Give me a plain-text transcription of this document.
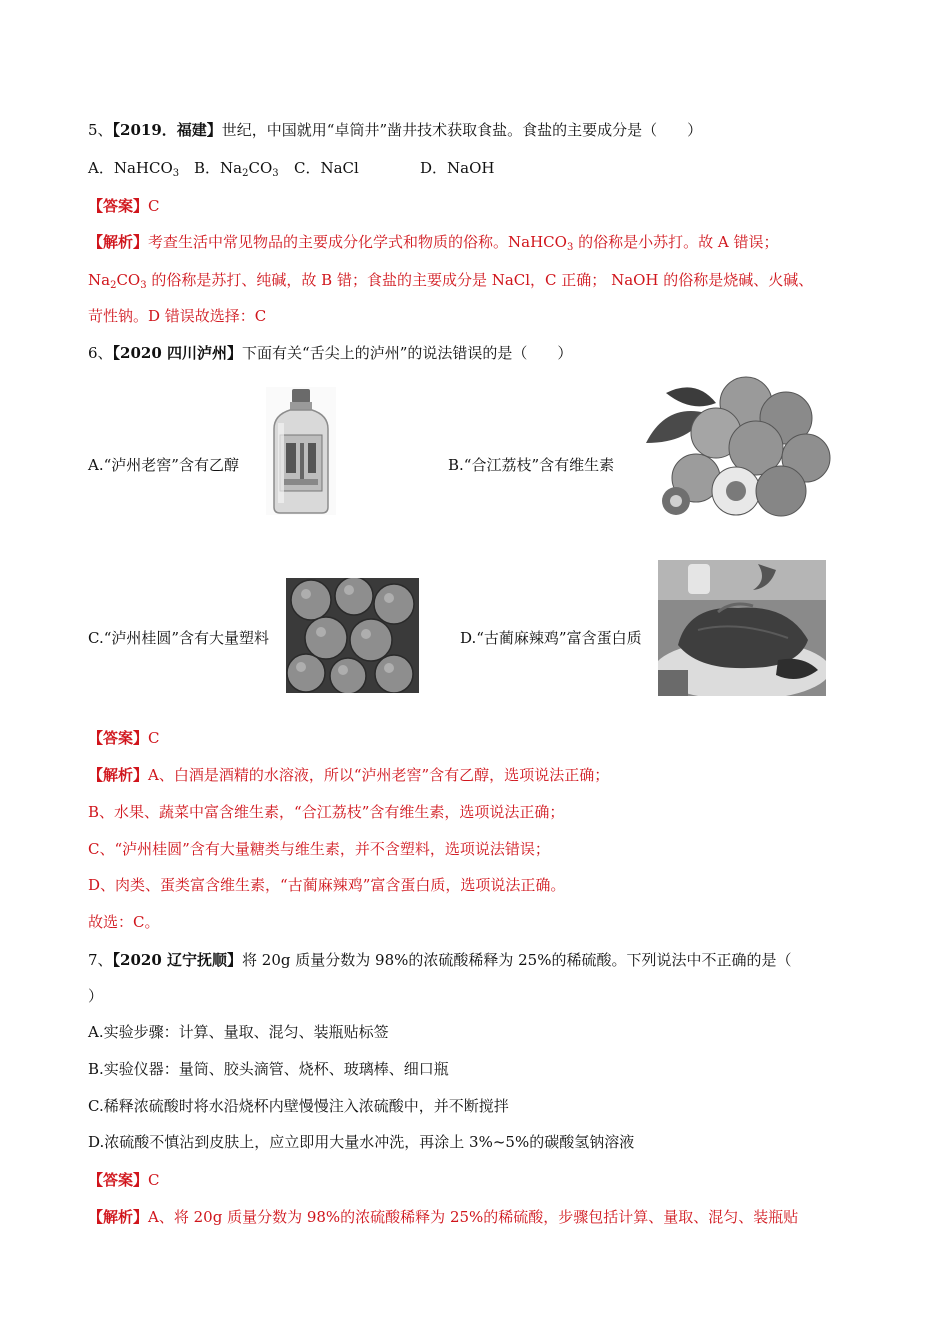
5、【2019．福建】世纪，中国就用“卓筒井”凿井技术获取食盐。食盐的主要成分是（　　）
A．NaHCO$_3$ B．$Na_2CO_3$ C．NaCl	D．NaOH
【答案】C
【解析】考查生活中常见物品的主要成分化学式和物质的俗称。NaHCO$_3$ 的俗称是小苏打。故 A 错误；
$Na_2CO_3$ 的俗称是苏打、纯碱，故 B 错；食盐的主要成分是 NaCl，C 正确； NaOH 的俗称是烧碱、火碱、
苛性钠。D 错误故选择：C
6、【2020 四川泸州】下面有关“舌尖上的泸州”的说法错误的是（　　）
A.“泸州老窖”含有乙醇	B.“合江荔枝”含有维生素
C.“泸州桂圆”含有大量塑料	D.“古蔺麻辣鸡”富含蛋白质
【答案】C
【解析】A、白酒是酒精的水溶液，所以“泸州老窖”含有乙醇，选项说法正确；
B、水果、蔬菜中富含维生素，“合江荔枝”含有维生素，选项说法正确；
C、“泸州桂圆”含有大量糖类与维生素，并不含塑料，选项说法错误；
D、肉类、蛋类富含维生素，“古蔺麻辣鸡”富含蛋白质，选项说法正确。
故选：C。
7、【2020 辽宁抚顺】将 20g 质量分数为 98%的浓硫酸稀释为 25%的稀硫酸。下列说法中不正确的是（
）
A.实验步骤：计算、量取、混匀、装瓶贴标签
B.实验仪器：量筒、胶头滴管、烧杯、玻璃棒、细口瓶
C.稀释浓硫酸时将水沿烧杯内壁慢慢注入浓硫酸中，并不断搅拌
D.浓硫酸不慎沾到皮肤上，应立即用大量水冲洗，再涂上 3%~5%的碳酸氢钠溶液
【答案】C
【解析】A、将 20g 质量分数为 98%的浓硫酸稀释为 25%的稀硫酸，步骤包括计算、量取、混匀、装瓶贴
